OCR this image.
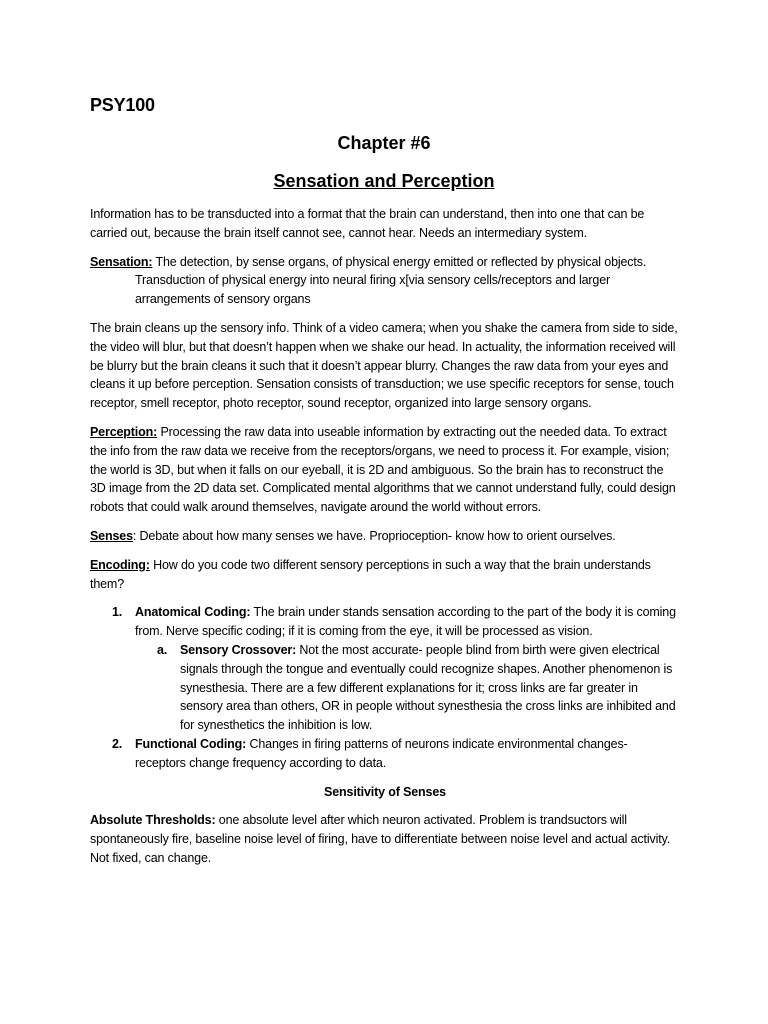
PSY100
Chapter #6
Sensation and Perception

Information has to be transducted into a format that the brain can understand, then into one that can be carried out, because the brain itself cannot see, cannot hear. Needs an intermediary system.

Sensation: The detection, by sense organs, of physical energy emitted or reflected by physical objects.
Transduction of physical energy into neural firing x[via sensory cells/receptors and larger arrangements of sensory organs

The brain cleans up the sensory info. Think of a video camera; when you shake the camera from side to side, the video will blur, but that doesn’t happen when we shake our head. In actuality, the information received will be blurry but the brain cleans it such that it doesn’t appear blurry. Changes the raw data from your eyes and cleans it up before perception. Sensation consists of transduction; we use specific receptors for sense, touch receptor, smell receptor, photo receptor, sound receptor, organized into large sensory organs.

Perception: Processing the raw data into useable information by extracting out the needed data. To extract the info from the raw data we receive from the receptors/organs, we need to process it. For example, vision; the world is 3D, but when it falls on our eyeball, it is 2D and ambiguous. So the brain has to reconstruct the 3D image from the 2D data set. Complicated mental algorithms that we cannot understand fully, could design robots that could walk around themselves, navigate around the world without errors.

Senses: Debate about how many senses we have. Proprioception- know how to orient ourselves.

Encoding: How do you code two different sensory perceptions in such a way that the brain understands them?

1. Anatomical Coding: The brain under stands sensation according to the part of the body it is coming from. Nerve specific coding; if it is coming from the eye, it will be processed as vision.
a. Sensory Crossover: Not the most accurate- people blind from birth were given electrical signals through the tongue and eventually could recognize shapes. Another phenomenon is synesthesia. There are a few different explanations for it; cross links are far greater in sensory area than others, OR in people without synesthesia the cross links are inhibited and for synesthetics the inhibition is low.
2. Functional Coding: Changes in firing patterns of neurons indicate environmental changes- receptors change frequency according to data.

Sensitivity of Senses

Absolute Thresholds: one absolute level after which neuron activated. Problem is trandsuctors will spontaneously fire, baseline noise level of firing, have to differentiate between noise level and actual activity. Not fixed, can change.
